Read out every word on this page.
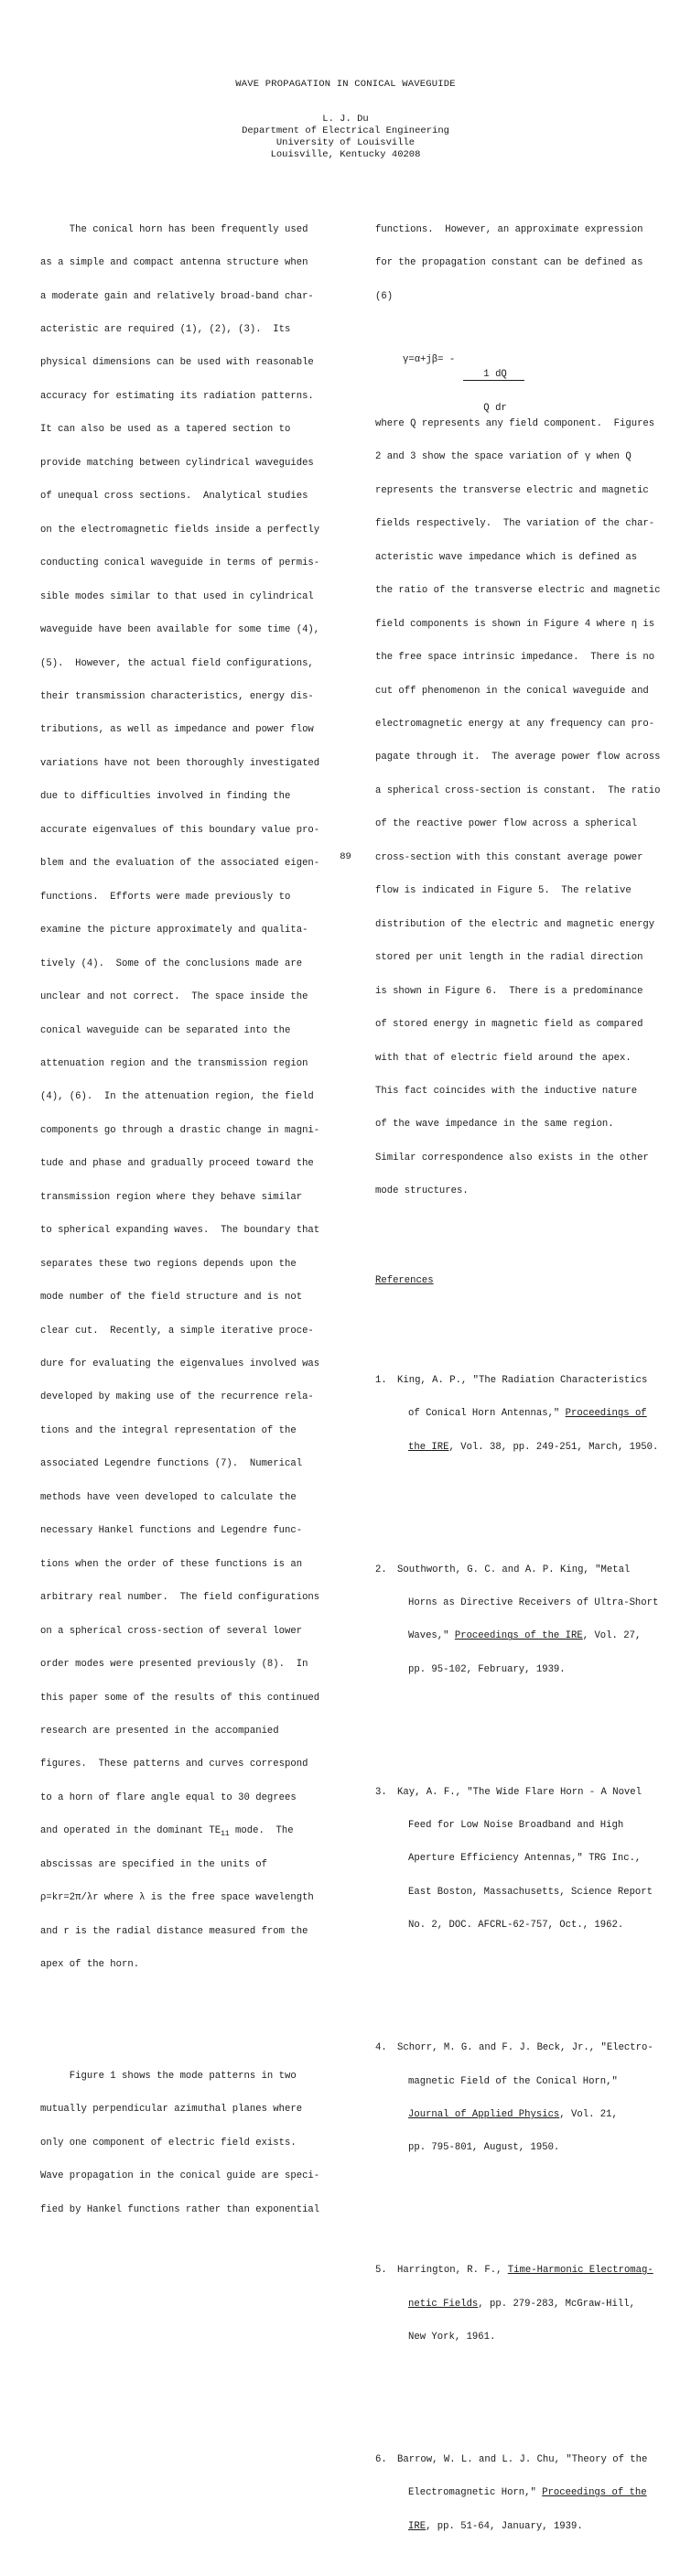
WAVE PROPAGATION IN CONICAL WAVEGUIDE
L. J. Du
Department of Electrical Engineering
University of Louisville
Louisville, Kentucky 40208

The conical horn has been frequently used

as a simple and compact antenna structure when

a moderate gain and relatively broad-band char-

acteristic are required (1), (2), (3).  Its

physical dimensions can be used with reasonable

accuracy for estimating its radiation patterns.

It can also be used as a tapered section to

provide matching between cylindrical waveguides

of unequal cross sections.  Analytical studies

on the electromagnetic fields inside a perfectly

conducting conical waveguide in terms of permis-

sible modes similar to that used in cylindrical

waveguide have been available for some time (4),

(5).  However, the actual field configurations,

their transmission characteristics, energy dis-

tributions, as well as impedance and power flow

variations have not been thoroughly investigated

due to difficulties involved in finding the

accurate eigenvalues of this boundary value pro-

blem and the evaluation of the associated eigen-

functions.  Efforts were made previously to

examine the picture approximately and qualita-

tively (4).  Some of the conclusions made are

unclear and not correct.  The space inside the

conical waveguide can be separated into the

attenuation region and the transmission region

(4), (6).  In the attenuation region, the field

components go through a drastic change in magni-

tude and phase and gradually proceed toward the

transmission region where they behave similar

to spherical expanding waves.  The boundary that

separates these two regions depends upon the

mode number of the field structure and is not

clear cut.  Recently, a simple iterative proce-

dure for evaluating the eigenvalues involved was

developed by making use of the recurrence rela-

tions and the integral representation of the

associated Legendre functions (7).  Numerical

methods have veen developed to calculate the

necessary Hankel functions and Legendre func-

tions when the order of these functions is an

arbitrary real number.  The field configurations

on a spherical cross-section of several lower

order modes were presented previously (8).  In

this paper some of the results of this continued

research are presented in the accompanied

figures.  These patterns and curves correspond

to a horn of flare angle equal to 30 degrees

and operated in the dominant $TE_{11}$ mode.  The

abscissas are specified in the units of

ρ=kr=2π/λr where λ is the free space wavelength

and r is the radial distance measured from the

apex of the horn.

Figure 1 shows the mode patterns in two

mutually perpendicular azimuthal planes where

only one component of electric field exists.

Wave propagation in the conical guide are speci-

fied by Hankel functions rather than exponential

functions.  However, an approximate expression

for the propagation constant can be defined as

(6)

γ=α+jβ= -

$\frac{1}{Q}$

$\frac{dQ}{dr}$

where Q represents any field component.  Figures

2 and 3 show the space variation of γ when Q

represents the transverse electric and magnetic

fields respectively.  The variation of the char-

acteristic wave impedance which is defined as

the ratio of the transverse electric and magnetic

field components is shown in Figure 4 where η is

the free space intrinsic impedance.  There is no

cut off phenomenon in the conical waveguide and

electromagnetic energy at any frequency can pro-

pagate through it.  The average power flow across

a spherical cross-section is constant.  The ratio

of the reactive power flow across a spherical

cross-section with this constant average power

flow is indicated in Figure 5.  The relative

distribution of the electric and magnetic energy

stored per unit length in the radial direction

is shown in Figure 6.  There is a predominance

of stored energy in magnetic field as compared

with that of electric field around the apex.

This fact coincides with the inductive nature

of the wave impedance in the same region.

Similar correspondence also exists in the other

mode structures.

References

1. King, A. P., "The Radiation Characteristics

of Conical Horn Antennas," Proceedings of

the IRE, Vol. 38, pp. 249-251, March, 1950.

2. Southworth, G. C. and A. P. King, "Metal

Horns as Directive Receivers of Ultra-Short

Waves," Proceedings of the IRE, Vol. 27,

pp. 95-102, February, 1939.

3. Kay, A. F., "The Wide Flare Horn - A Novel

Feed for Low Noise Broadband and High

Aperture Efficiency Antennas," TRG Inc.,

East Boston, Massachusetts, Science Report

No. 2, DOC. AFCRL-62-757, Oct., 1962.

4. Schorr, M. G. and F. J. Beck, Jr., "Electro-

magnetic Field of the Conical Horn,"

Journal of Applied Physics, Vol. 21,

pp. 795-801, August, 1950.

5. Harrington, R. F., Time-Harmonic Electromag-

netic Fields, pp. 279-283, McGraw-Hill,

New York, 1961.

6. Barrow, W. L. and L. J. Chu, "Theory of the

Electromagnetic Horn," Proceedings of the

IRE, pp. 51-64, January, 1939.

89
